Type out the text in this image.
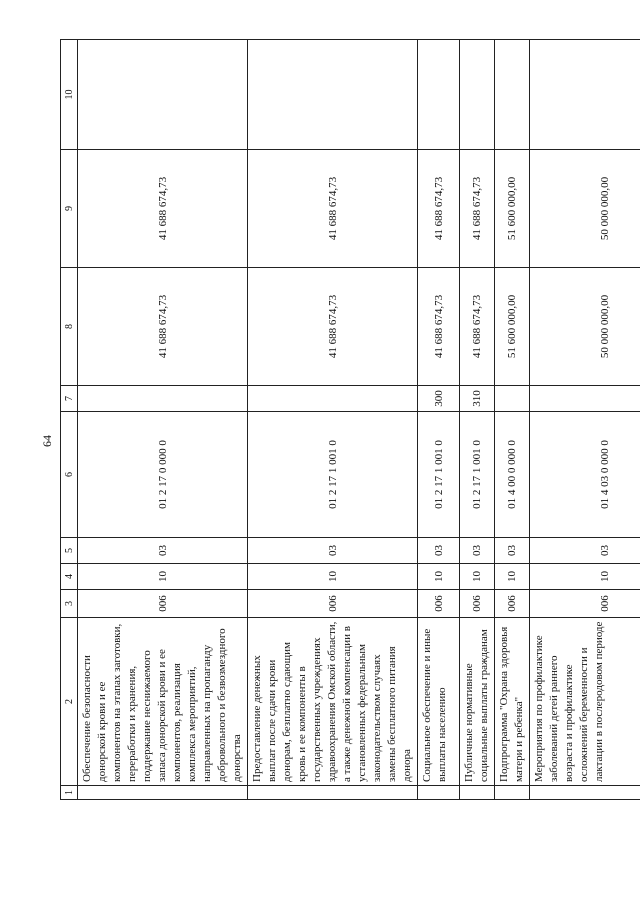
64
1	2	3	4	5	6	7	8	9	10
	Обеспечение безопасности донорской крови и ее компонентов на этапах заготовки, переработки и хранения, поддержание неснижаемого запаса донорской крови и ее компонентов, реализация комплекса мероприятий, направленных на пропаганду добровольного и безвозмездного донорства	006	10	03	01 2 17 0 000 0		41 688 674,73	41 688 674,73	
	Предоставление денежных выплат после сдачи крови донорам, безплатно сдающим кровь и ее компоненты в государственных учреждениях здравоохранения Омской области, а также денежной компенсации в установленных федеральным законодательством случаях замены бесплатного питания донора	006	10	03	01 2 17 1 001 0		41 688 674,73	41 688 674,73	
	Социальное обеспечение и иные выплаты населению	006	10	03	01 2 17 1 001 0	300	41 688 674,73	41 688 674,73	
	Публичные нормативные социальные выплаты гражданам	006	10	03	01 2 17 1 001 0	310	41 688 674,73	41 688 674,73	
	Подпрограмма "Охрана здоровья матери и ребенка"	006	10	03	01 4 00 0 000 0		51 600 000,00	51 600 000,00	
	Мероприятия по профилактике заболеваний детей раннего возраста и профилактике осложнений беременности и лактации в послеродовом периоде	006	10	03	01 4 03 0 000 0		50 000 000,00	50 000 000,00	
